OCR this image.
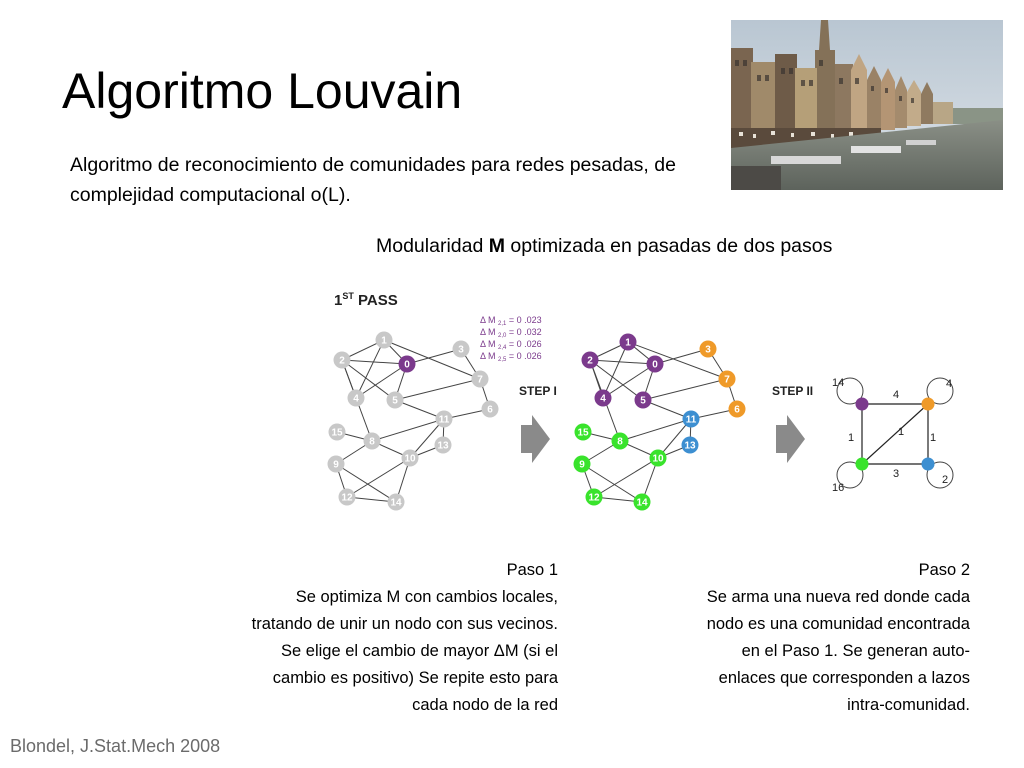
Algoritmo Louvain
Algoritmo de reconocimiento de comunidades para redes pesadas, de complejidad computacional o(L).
Modularidad M optimizada en pasadas de dos pasos
1ST PASS
Δ M $_{2,1}$ = 0 .023
Δ M $_{2,0}$ = 0 .032
Δ M $_{2,4}$ = 0 .026
Δ M $_{2,5}$ = 0 .026
0
1
2
3
4	5
6
7
8
9
10
11
12
13
14
15
0
1
2
3
4	5
6
7
8
9
10
11
12
13
14
15
14	4
16
2
4
1
1	1
3
STEP I	STEP II
Paso 1
Se optimiza M con cambios locales,
tratando de unir un nodo con sus vecinos.
Se elige el cambio de mayor ΔM (si el
cambio es positivo) Se repite esto para
cada nodo de la red
Paso 2
Se arma una nueva red donde cada
nodo es una comunidad encontrada
en el Paso 1. Se generan auto-
enlaces que corresponden a lazos
intra-comunidad.
Blondel, J.Stat.Mech 2008
